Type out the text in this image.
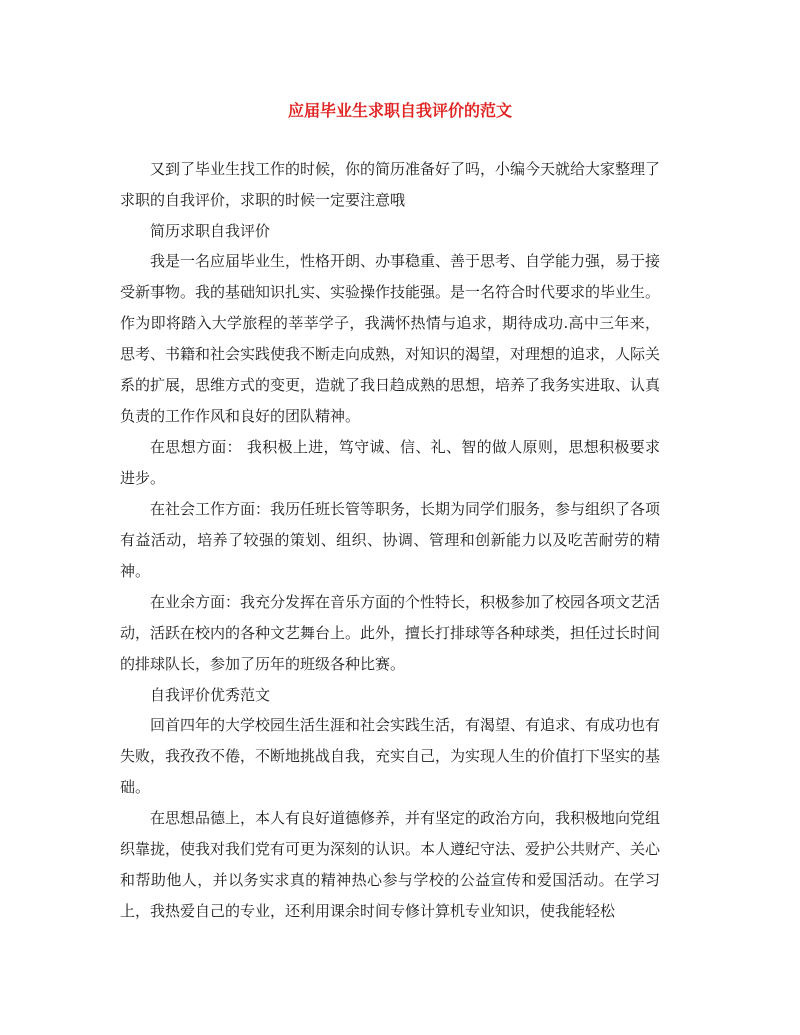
应届毕业生求职自我评价的范文

又到了毕业生找工作的时候，你的简历准备好了吗，小编今天就给大家整理了求职的自我评价，求职的时候一定要注意哦

简历求职自我评价

我是一名应届毕业生，性格开朗、办事稳重、善于思考、自学能力强，易于接受新事物。我的基础知识扎实、实验操作技能强。是一名符合时代要求的毕业生。 作为即将踏入大学旅程的莘莘学子，我满怀热情与追求，期待成功.高中三年来，思考、书籍和社会实践使我不断走向成熟，对知识的渴望，对理想的追求，人际关系的扩展，思维方式的变更，造就了我日趋成熟的思想，培养了我务实进取、认真负责的工作作风和良好的团队精神。

在思想方面： 我积极上进，笃守诚、信、礼、智的做人原则，思想积极要求进步。

在社会工作方面：我历任班长管等职务，长期为同学们服务，参与组织了各项有益活动，培养了较强的策划、组织、协调、管理和创新能力以及吃苦耐劳的精神。

在业余方面：我充分发挥在音乐方面的个性特长，积极参加了校园各项文艺活动，活跃在校内的各种文艺舞台上。此外，擅长打排球等各种球类，担任过长时间的排球队长，参加了历年的班级各种比赛。

自我评价优秀范文

回首四年的大学校园生活生涯和社会实践生活，有渴望、有追求、有成功也有失败，我孜孜不倦，不断地挑战自我，充实自己，为实现人生的价值打下坚实的基础。

在思想品德上，本人有良好道德修养，并有坚定的政治方向，我积极地向党组织靠拢，使我对我们党有可更为深刻的认识。本人遵纪守法、爱护公共财产、关心和帮助他人，并以务实求真的精神热心参与学校的公益宣传和爱国活动。在学习上，我热爱自己的专业，还利用课余时间专修计算机专业知识，使我能轻松
